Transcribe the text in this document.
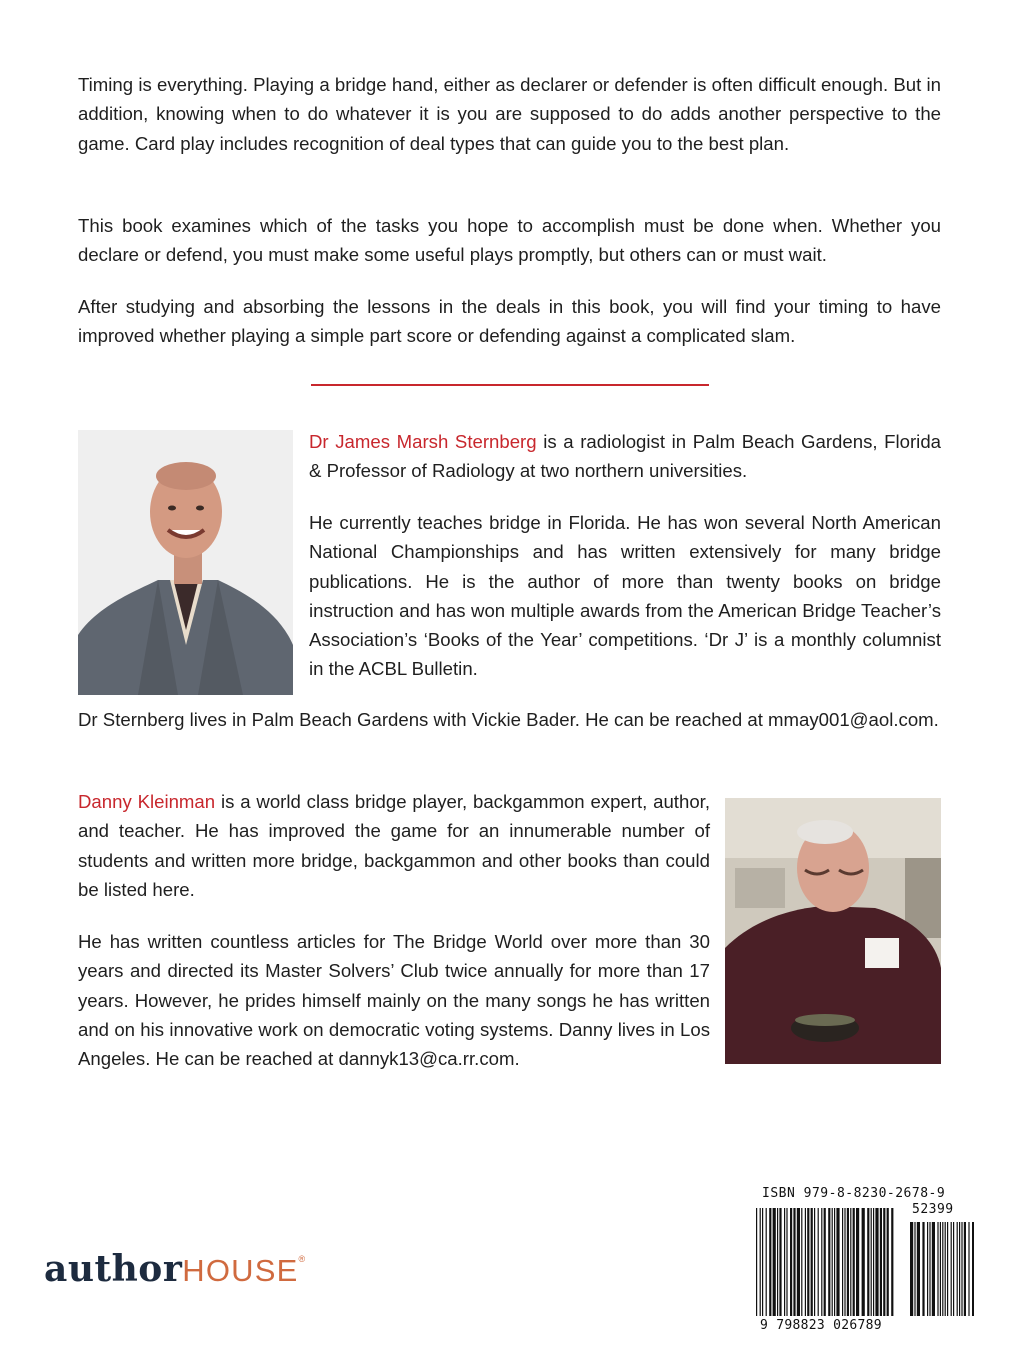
Timing is everything. Playing a bridge hand, either as declarer or defender is often difficult enough. But in addition, knowing when to do whatever it is you are supposed to do adds another perspective to the game. Card play includes recognition of deal types that can guide you to the best plan.

This book examines which of the tasks you hope to accomplish must be done when. Whether you declare or defend, you must make some useful plays promptly, but others can or must wait.

After studying and absorbing the lessons in the deals in this book, you will find your timing to have improved whether playing a simple part score or defending against a complicated slam.

Dr James Marsh Sternberg is a radiologist in Palm Beach Gardens, Florida & Professor of Radiology at two northern universities.

He currently teaches bridge in Florida. He has won several North American National Championships and has written extensively for many bridge publications. He is the author of more than twenty books on bridge instruction and has won multiple awards from the American Bridge Teacher’s Association’s ‘Books of the Year’ competitions. ‘Dr J’ is a monthly columnist in the ACBL Bulletin.

Dr Sternberg lives in Palm Beach Gardens with Vickie Bader. He can be reached at mmay001@aol.com.

Danny Kleinman is a world class bridge player, backgammon expert, author, and teacher. He has improved the game for an innumerable number of students and written more bridge, backgammon and other books than could be listed here.

He has written countless articles for The Bridge World over more than 30 years and directed its Master Solvers’ Club twice annually for more than 17 years. However, he prides himself mainly on the many songs he has written and on his innovative work on democratic voting systems. Danny lives in Los Angeles. He can be reached at dannyk13@ca.rr.com.

authorHOUSE®
ISBN 979-8-8230-2678-9
52399
9 798823 026789
